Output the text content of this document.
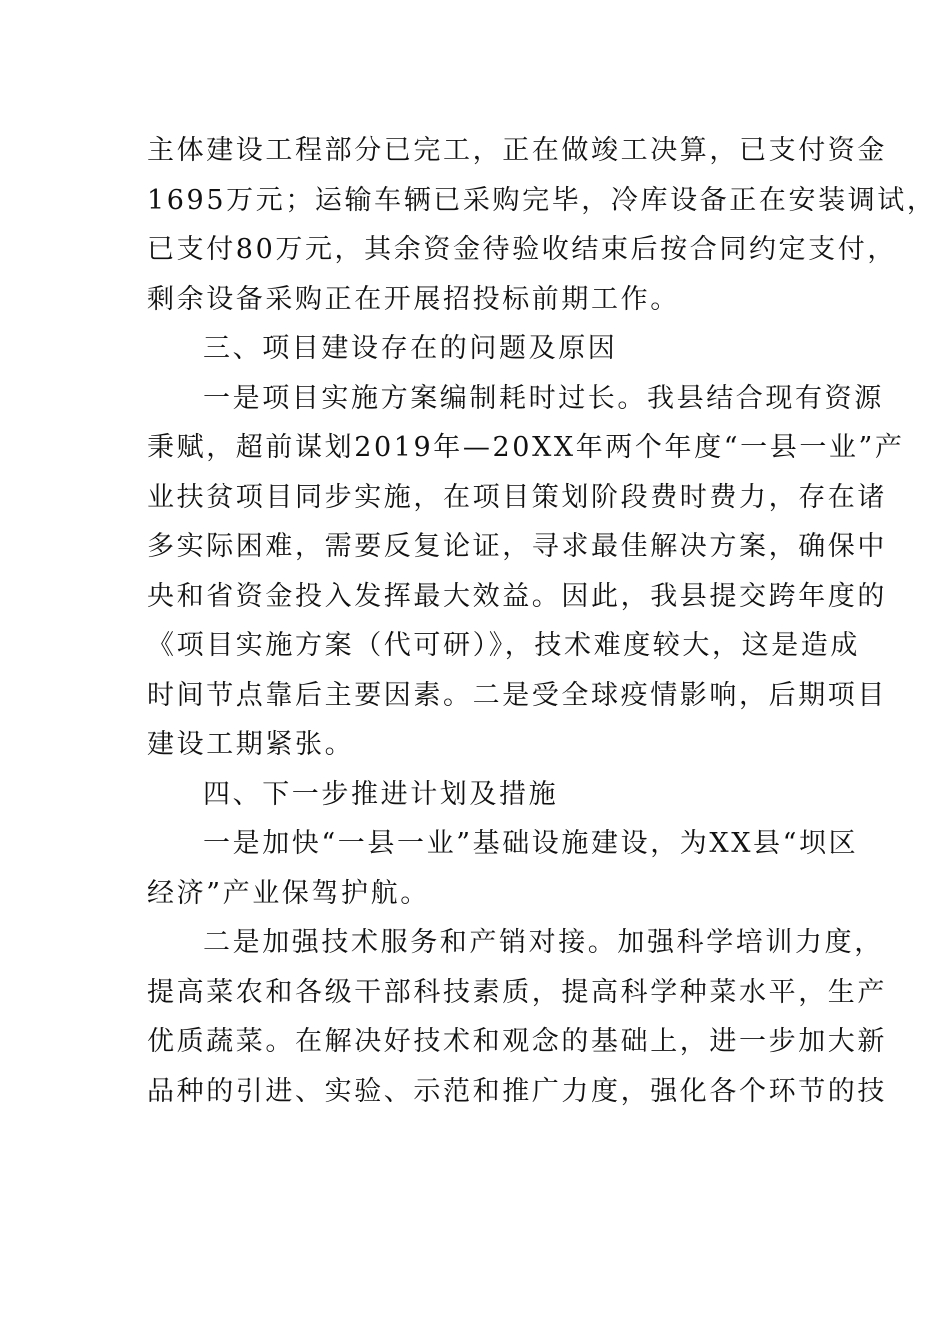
主体建设工程部分已完工，正在做竣工决算，已支付资金
1695万元；运输车辆已采购完毕，冷库设备正在安装调试，
已支付80万元，其余资金待验收结束后按合同约定支付，
剩余设备采购正在开展招投标前期工作。
三、项目建设存在的问题及原因
一是项目实施方案编制耗时过长。我县结合现有资源
秉赋，超前谋划2019年—20XX年两个年度“一县一业”产
业扶贫项目同步实施，在项目策划阶段费时费力，存在诸
多实际困难，需要反复论证，寻求最佳解决方案，确保中
央和省资金投入发挥最大效益。因此，我县提交跨年度的
《项目实施方案（代可研）》，技术难度较大，这是造成
时间节点靠后主要因素。二是受全球疫情影响，后期项目
建设工期紧张。
四、下一步推进计划及措施
一是加快“一县一业”基础设施建设，为XX县“坝区
经济”产业保驾护航。
二是加强技术服务和产销对接。加强科学培训力度，
提高菜农和各级干部科技素质，提高科学种菜水平，生产
优质蔬菜。在解决好技术和观念的基础上，进一步加大新
品种的引进、实验、示范和推广力度，强化各个环节的技
